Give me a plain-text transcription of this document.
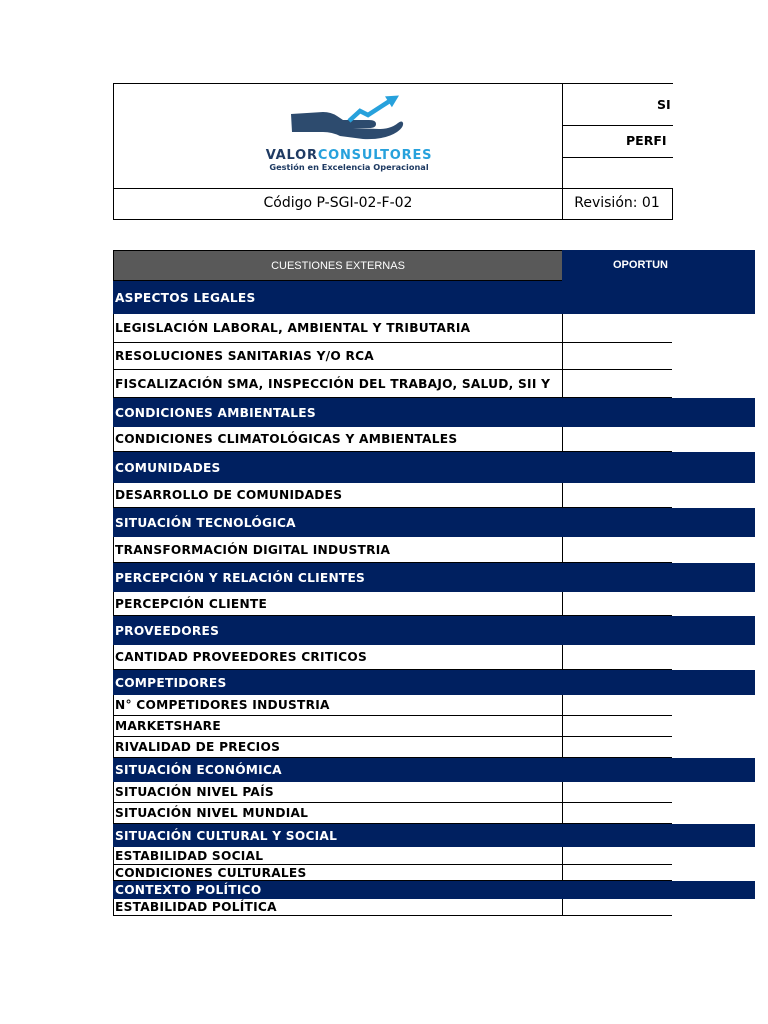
VALORCONSULTORES
Gestión en Excelencia Operacional
SI
PERFI
Código P-SGI-02-F-02	Revisión: 01
CUESTIONES EXTERNAS	OPORTUN
ASPECTOS LEGALES
LEGISLACIÓN LABORAL, AMBIENTAL Y TRIBUTARIA
RESOLUCIONES SANITARIAS Y/O RCA
FISCALIZACIÓN SMA, INSPECCIÓN DEL TRABAJO, SALUD, SII Y
CONDICIONES AMBIENTALES
CONDICIONES CLIMATOLÓGICAS Y AMBIENTALES
COMUNIDADES
DESARROLLO DE COMUNIDADES
SITUACIÓN TECNOLÓGICA
TRANSFORMACIÓN DIGITAL INDUSTRIA
PERCEPCIÓN Y RELACIÓN CLIENTES
PERCEPCIÓN CLIENTE
PROVEEDORES
CANTIDAD PROVEEDORES CRITICOS
COMPETIDORES
N° COMPETIDORES INDUSTRIA
MARKETSHARE
RIVALIDAD DE PRECIOS
SITUACIÓN ECONÓMICA
SITUACIÓN NIVEL PAÍS
SITUACIÓN NIVEL MUNDIAL
SITUACIÓN CULTURAL Y SOCIAL
ESTABILIDAD SOCIAL
CONDICIONES CULTURALES
CONTEXTO POLÍTICO
ESTABILIDAD POLÍTICA
